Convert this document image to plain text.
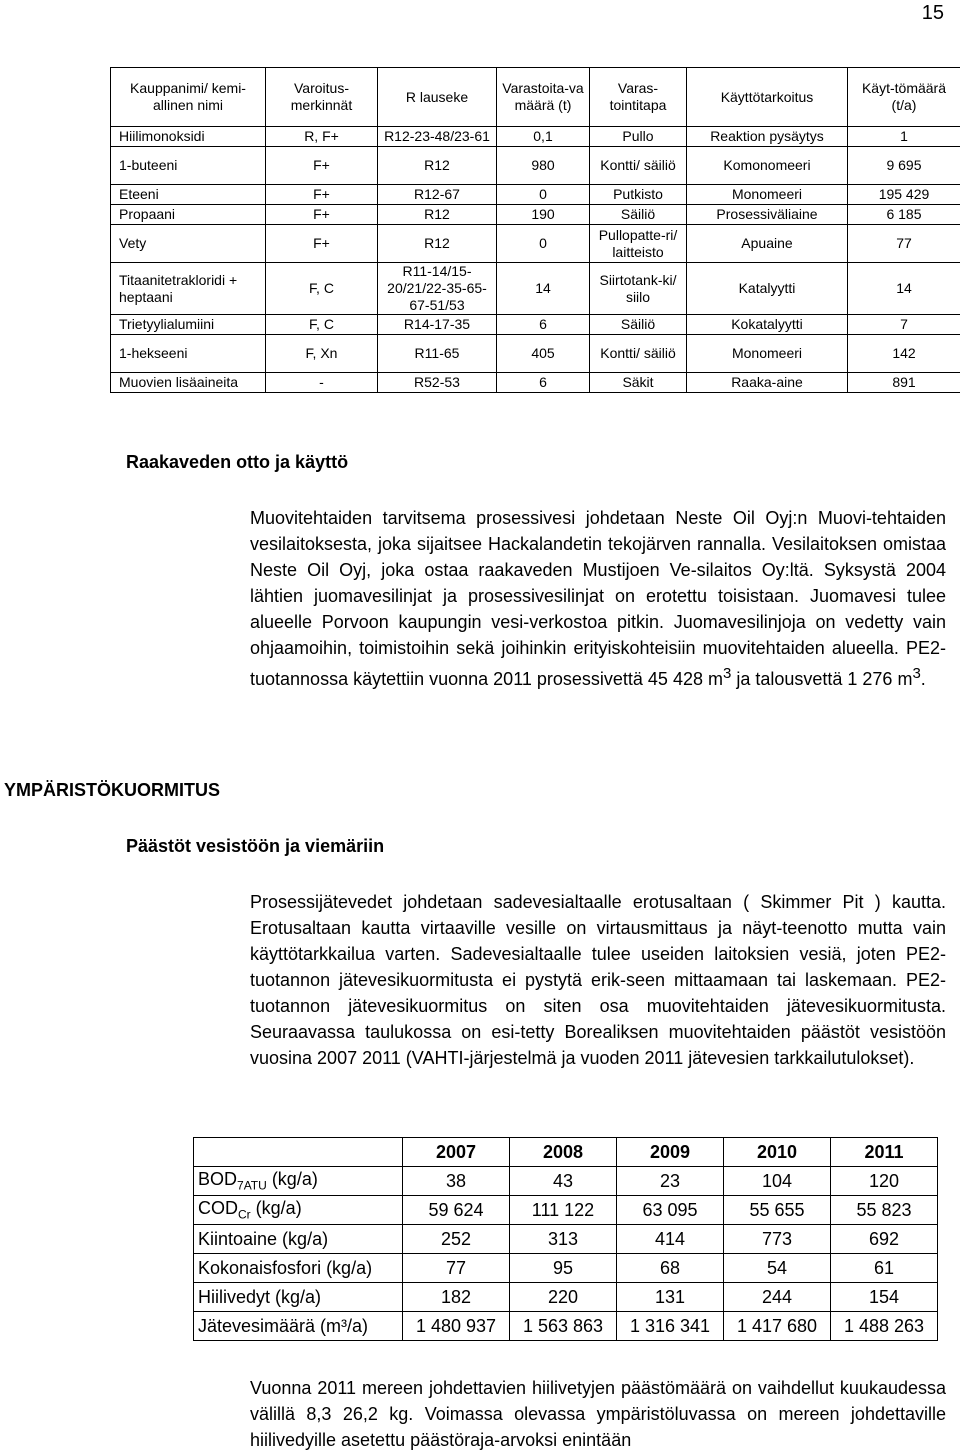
15
Kauppanimi/ kemi-allinen nimi	Varoitus-merkinnät	R lauseke	Varastoita-va määrä (t)	Varas-tointitapa	Käyttötarkoitus	Käyt-tömäärä (t/a)
Hiilimonoksidi	R, F+	R12-23-48/23-61	0,1	Pullo	Reaktion pysäytys	1
1-buteeni	F+	R12	980	Kontti/ säiliö	Komonomeeri	9 695
Eteeni	F+	R12-67	0	Putkisto	Monomeeri	195 429
Propaani	F+	R12	190	Säiliö	Prosessiväliaine	6 185
Vety	F+	R12	0	Pullopatte-ri/ laitteisto	Apuaine	77
Titaanitetrakloridi + heptaani	F, C	R11-14/15-20/21/22-35-65-67-51/53	14	Siirtotank-ki/ siilo	Katalyytti	14
Trietyylialumiini	F, C	R14-17-35	6	Säiliö	Kokatalyytti	7
1-hekseeni	F, Xn	R11-65	405	Kontti/ säiliö	Monomeeri	142
Muovien lisäaineita	-	R52-53	6	Säkit	Raaka-aine	891
Raakaveden otto ja käyttö

Muovitehtaiden tarvitsema prosessivesi johdetaan Neste Oil Oyj:n Muovi-tehtaiden vesilaitoksesta, joka sijaitsee Hackalandetin tekojärven rannalla. Vesilaitoksen omistaa Neste Oil Oyj, joka ostaa raakaveden Mustijoen Ve-silaitos Oy:ltä. Syksystä 2004 lähtien juomavesilinjat ja prosessivesilinjat on erotettu toisistaan. Juomavesi tulee alueelle Porvoon kaupungin vesi-verkostoa pitkin. Juomavesilinjoja on vedetty vain ohjaamoihin, toimistoihin sekä joihinkin erityiskohteisiin muovitehtaiden alueella. PE2-tuotannossa käytettiin vuonna 2011 prosessivettä 45 428 $m^3$ ja talousvettä 1 276 $m^3$.

YMPÄRISTÖKUORMITUS
Päästöt vesistöön ja viemäriin

Prosessijätevedet johdetaan sadevesialtaalle erotusaltaan ( Skimmer Pit ) kautta. Erotusaltaan kautta virtaaville vesille on virtausmittaus ja näyt-teenotto mutta vain käyttötarkkailua varten. Sadevesialtaalle tulee useiden laitoksien vesiä, joten PE2-tuotannon jätevesikuormitusta ei pystytä erik-seen mittaamaan tai laskemaan. PE2-tuotannon jätevesikuormitus on siten osa muovitehtaiden jätevesikuormitusta. Seuraavassa taulukossa on esi-tetty Borealiksen muovitehtaiden päästöt vesistöön vuosina 2007 2011 (VAHTI-järjestelmä ja vuoden 2011 jätevesien tarkkailutulokset).

	2007	2008	2009	2010	2011
$BOD_{7ATU}$ (kg/a)	38	43	23	104	120
$COD_{Cr}$ (kg/a)	59 624	111 122	63 095	55 655	55 823
Kiintoaine (kg/a)	252	313	414	773	692
Kokonaisfosfori (kg/a)	77	95	68	54	61
Hiilivedyt (kg/a)	182	220	131	244	154
Jätevesimäärä (m³/a)	1 480 937	1 563 863	1 316 341	1 417 680	1 488 263

Vuonna 2011 mereen johdettavien hiilivetyjen päästömäärä on vaihdellut kuukaudessa välillä 8,3 26,2 kg. Voimassa olevassa ympäristöluvassa on mereen johdettaville hiilivedyille asetettu päästöraja-arvoksi enintään
